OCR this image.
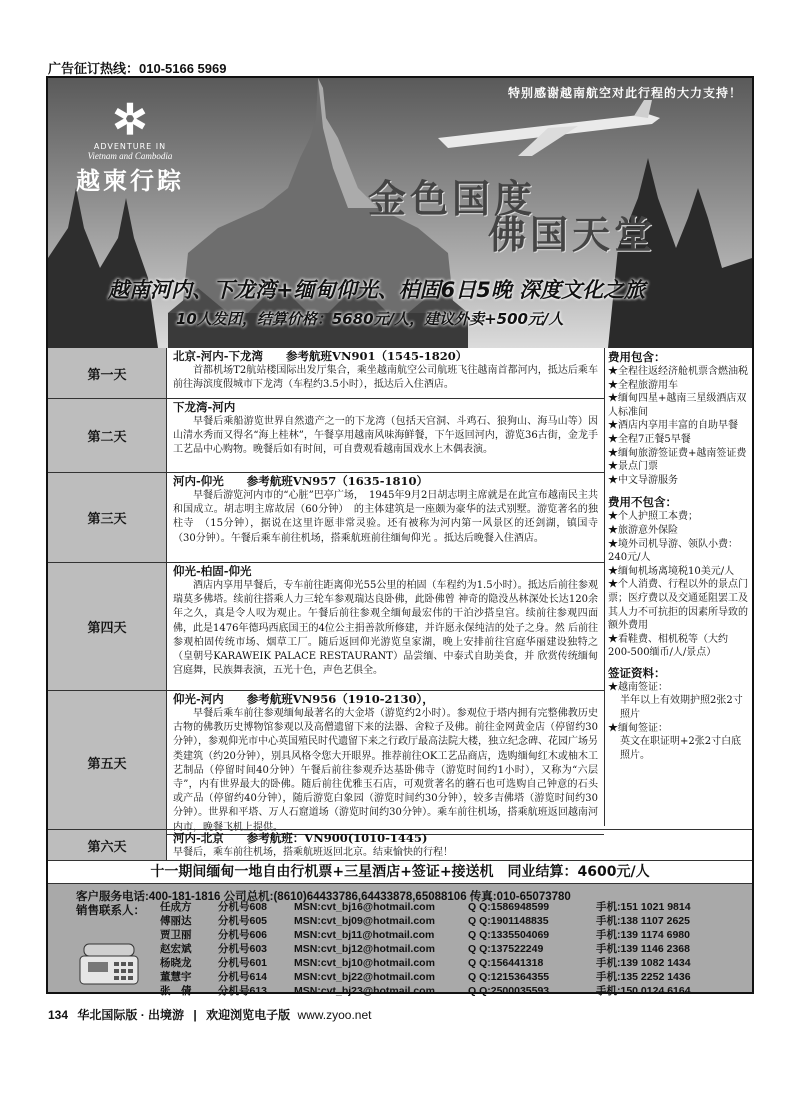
广告征订热线：010-5166 5969
特别感谢越南航空对此行程的大力支持！
✲
ADVENTURE IN
Vietnam and Cambodia
越柬行踪	金色国度
佛国天堂
越南河内、下龙湾+缅甸仰光、柏固6日5晚 深度文化之旅
10人发团，结算价格：5680元/人，建议外卖+500元/人
第一天
北京-河内-下龙湾　　参考航班VN901（1545-1820）
首都机场T2航站楼国际出发厅集合，乘坐越南航空公司航班飞往越南首都河内，抵达后乘车前往海滨度假城市下龙湾（车程约3.5小时），抵达后入住酒店。
第二天
下龙湾-河内
早餐后乘船游览世界自然遗产之一的下龙湾（包括天宫洞、斗鸡石、狼狗山、海马山等）因山清水秀而又得名“海上桂林”，午餐享用越南风味海鲜餐，下午返回河内，游览36古街，金龙手工艺品中心购物。晚餐后如有时间，可自费观看越南国戏水上木偶表演。
第三天
河内-仰光　　参考航班VN957（1635-1810）
早餐后游览河内市的“心脏”巴亭广场，　1945年9月2日胡志明主席就是在此宣布越南民主共和国成立。胡志明主席故居（60分钟）　的主体建筑是一座颇为豪华的法式别墅。游览著名的独柱寺　（15分钟），据说在这里许愿非常灵验。还有被称为河内第一风景区的还剑湖，镇国寺（30分钟）。午餐后乘车前往机场，搭乘航班前往缅甸仰光 。抵达后晚餐入住酒店。
第四天
仰光-柏固-仰光
酒店内享用早餐后，专车前往距离仰光55公里的柏固（车程约为1.5小时）。抵达后前往参观瑞莫多佛塔。续前往搭乘人力三轮车参观瑞达良卧佛，此卧佛曾 神奇的隐没丛林深处长达120余年之久，真是令人叹为观止。午餐后前往参观全缅甸最宏伟的干泊沙搭皇宫。续前往参观四面佛，此是1476年德玛西底国王的4位公主捐善款所修建，并许愿永保纯洁的处子之身。然 后前往参观柏固传统市场、烟草工厂。随后返回仰光游览皇家湖，晚上安排前往宫庭华丽建设独特之（皇朝号KARAWEIK PALACE RESTAURANT）品尝缅、中泰式自助美食，并 欣赏传统缅甸宫庭舞，民族舞表演，五光十色，声色艺俱全。
第五天
仰光-河内　　参考航班VN956（1910-2130），
早餐后乘车前往参观缅甸最著名的大金塔（游览约2小时）。参观位于塔内拥有完整佛教历史古物的佛教历史博物馆参观以及高僧遗留下来的法器、舍粒子及佛。前往金网黄金店（停留约30分钟），参观仰光市中心英国殖民时代遗留下来之行政厅最高法院大楼，独立纪念碑、花园广场另类建筑（约20分钟），别具风格令您大开眼界。推荐前往OK工艺品商店，选购缅甸红木或柚木工艺制品（停留时间40分钟）午餐后前往参观乔达基卧佛寺（游览时间约1小时），又称为“六层寺”，内有世界最大的卧佛。随后前往优雅玉石店，可观赏著名的蘑石也可选购自己钟意的石头或产品（停留约40分钟），随后游览白象园（游览时间约30分钟），较多吉佛塔（游览时间约30分钟）。世界和平塔、万人石窟道场（游览时间约30分钟）。乘车前往机场，搭乘航班返回越南河内市，晚餐飞机上提供。
费用包含：
★全程往返经济舱机票含燃油税
★全程旅游用车
★缅甸四星+越南三星级酒店双人标准间
★酒店内享用丰富的自助早餐
★全程7正餐5早餐
★缅甸旅游签证费+越南签证费
★景点门票
★中文导游服务
费用不包含：
★个人护照工本费；
★旅游意外保险
★境外司机导游、领队小费：240元/人
★缅甸机场离境税10美元/人
★个人消费、行程以外的景点门票；医疗费以及交通延阻罢工及其人力不可抗拒的因素所导致的额外费用
★看鞋费、相机税等（大约200-500缅币/人/景点）
签证资料：
★越南签证：
半年以上有效期护照2张2寸照片
★缅甸签证：
英文在职证明+2张2寸白底照片。
第六天
河内-北京　　参考航班：VN900(1010-1445)
早餐后，乘车前往机场，搭乘航班返回北京。结束愉快的行程！
十一期间缅甸一地自由行机票+三星酒店+签证+接送机　同业结算：4600元/人
客户服务电话:400-181-1816 公司总机:(8610)64433786,64433878,65088106 传真:010-65073780
销售联系人： 任成方	分机号608	MSN:cvt_bj16@hotmail.com	Q Q:1586948599	手机:151 1021 9814
傅丽达	分机号605	MSN:cvt_bj09@hotmail.com	Q Q:1901148835	手机:138 1107 2625
贾卫丽	分机号606	MSN:cvt_bj11@hotmail.com	Q Q:1335504069	手机:139 1174 6980
赵宏斌	分机号603	MSN:cvt_bj12@hotmail.com	Q Q:137522249	手机:139 1146 2368
杨晓龙	分机号601	MSN:cvt_bj10@hotmail.com	Q Q:156441318	手机:139 1082 1434
董慧宇	分机号614	MSN:cvt_bj22@hotmail.com	Q Q:1215364355	手机:135 2252 1436
张　倩	分机号613	MSN:cvt_bj23@hotmail.com	Q Q:2500035593	手机:150 0124 6164
134 华北国际版 · 出境游 | 欢迎浏览电子版 www.zyoo.net
